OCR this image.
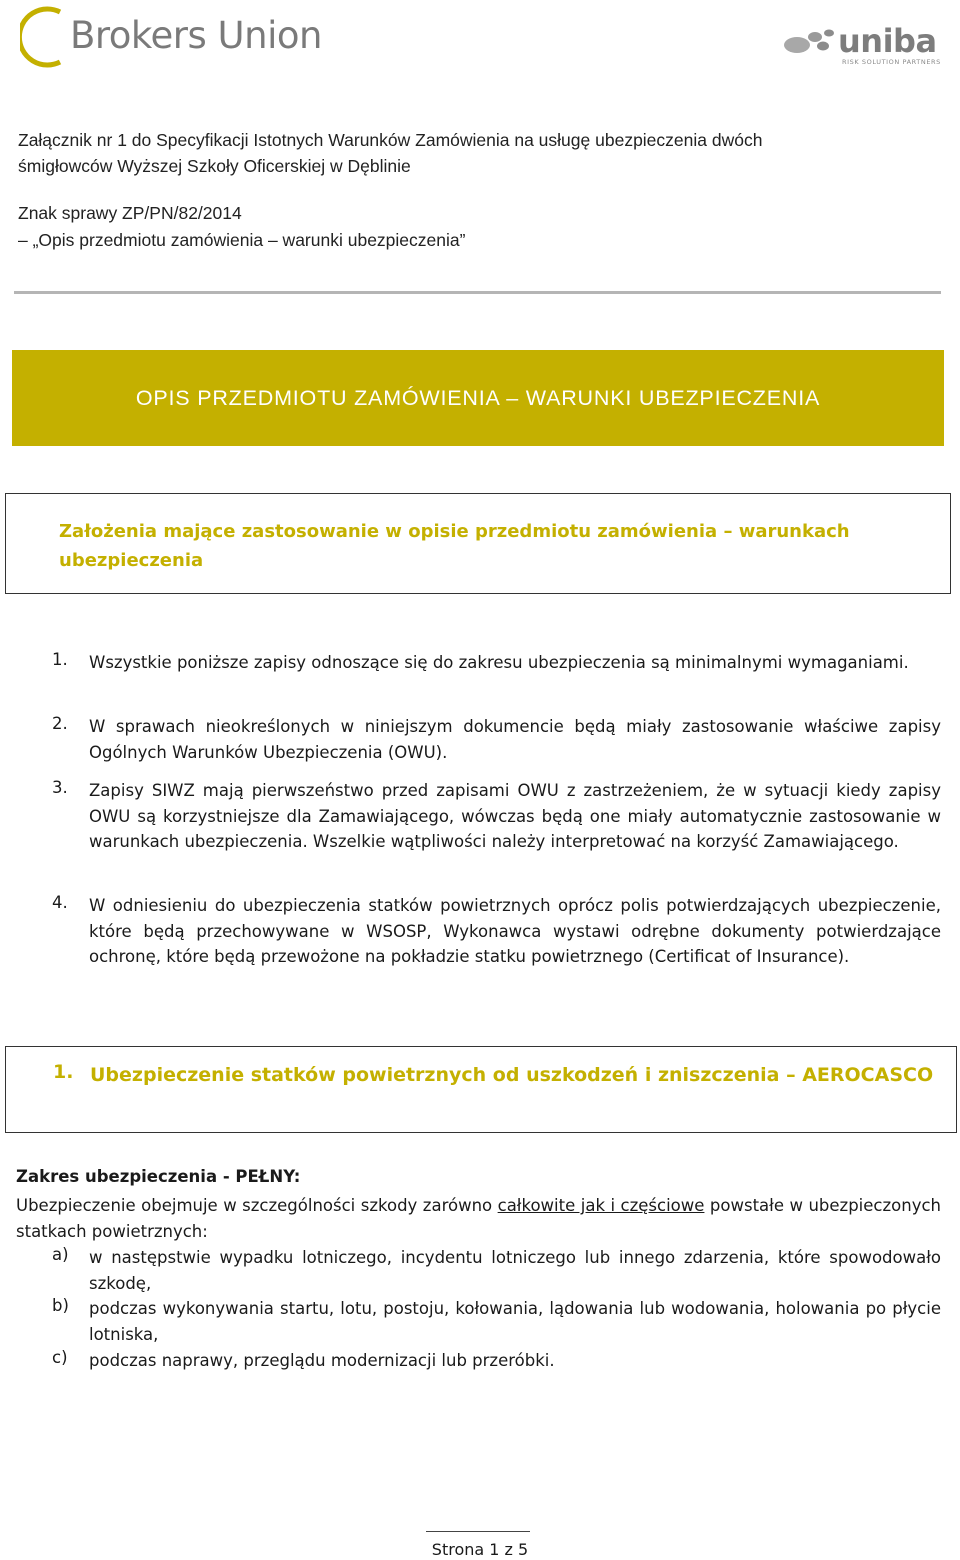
Brokers Union	uniba
RISK SOLUTION PARTNERS
Załącznik nr 1 do Specyfikacji Istotnych Warunków Zamówienia na usługę ubezpieczenia dwóch
śmigłowców Wyższej Szkoły Oficerskiej w Dęblinie
Znak sprawy ZP/PN/82/2014
– „Opis przedmiotu zamówienia – warunki ubezpieczenia”
OPIS PRZEDMIOTU ZAMÓWIENIA – WARUNKI UBEZPIECZENIA
Założenia mające zastosowanie w opisie przedmiotu zamówienia – warunkach ubezpieczenia
1. Wszystkie poniższe zapisy odnoszące się do zakresu ubezpieczenia są minimalnymi wymaganiami.
2. W sprawach nieokreślonych w niniejszym dokumencie będą miały zastosowanie właściwe zapisy Ogólnych Warunków Ubezpieczenia (OWU).
3. Zapisy SIWZ mają pierwszeństwo przed zapisami OWU z zastrzeżeniem, że w sytuacji kiedy zapisy OWU są korzystniejsze dla Zamawiającego, wówczas będą one miały automatycznie zastosowanie w warunkach ubezpieczenia. Wszelkie wątpliwości należy interpretować na korzyść Zamawiającego.
4. W odniesieniu do ubezpieczenia statków powietrznych oprócz polis potwierdzających ubezpieczenie, które będą przechowywane w WSOSP, Wykonawca wystawi odrębne dokumenty potwierdzające ochronę, które będą przewożone na pokładzie statku powietrznego (Certificat of Insurance).
1. Ubezpieczenie statków powietrznych od uszkodzeń i zniszczenia – AEROCASCO
Zakres ubezpieczenia - PEŁNY:
Ubezpieczenie obejmuje w szczególności szkody zarówno całkowite jak i częściowe powstałe w ubezpieczonych statkach powietrznych:
a) w następstwie wypadku lotniczego, incydentu lotniczego lub innego zdarzenia, które spowodowało szkodę,
b) podczas wykonywania startu, lotu, postoju, kołowania, lądowania lub wodowania, holowania po płycie lotniska,
c) podczas naprawy, przeglądu modernizacji lub przeróbki.
Strona 1 z 5
